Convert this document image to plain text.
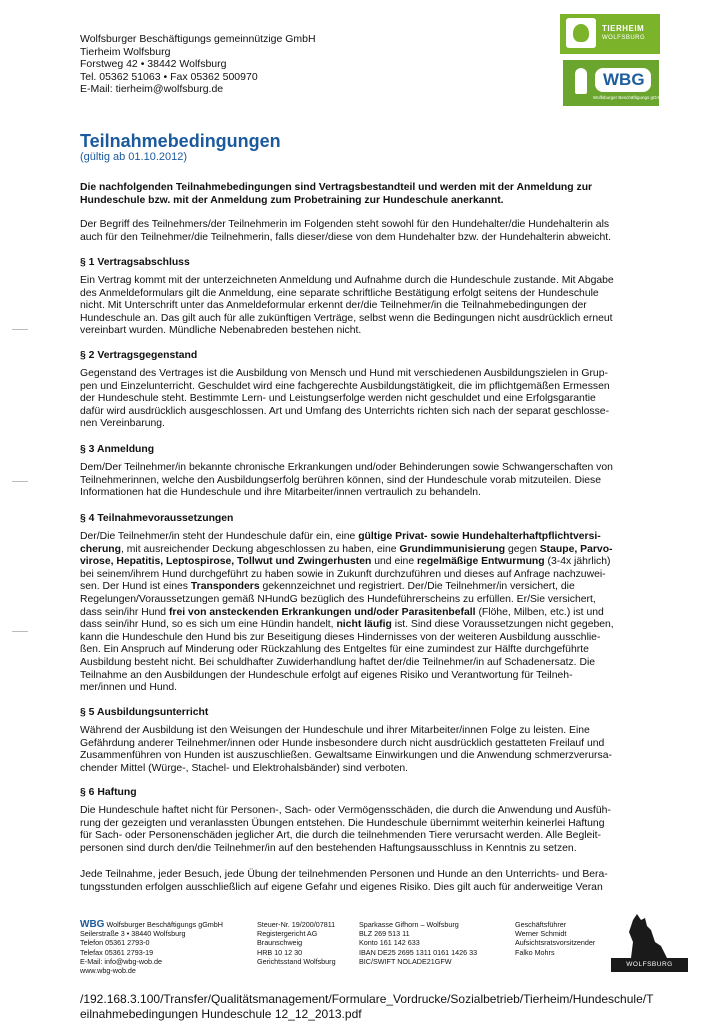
Wolfsburger Beschäftigungs gemeinnützige GmbH
Tierheim Wolfsburg
Forstweg 42 • 38442 Wolfsburg
Tel. 05362 51063 • Fax 05362 500970
E-Mail: tierheim@wolfsburg.de
TIERHEIM
WOLFSBURG
WBG
Wolfsburger Beschäftigungs gGmbH
Teilnahmebedingungen
(gültig ab 01.10.2012)
Die nachfolgenden Teilnahmebedingungen sind Vertragsbestandteil und werden mit der Anmeldung zur
Hundeschule bzw. mit der Anmeldung zum Probetraining zur Hundeschule anerkannt.
Der Begriff des Teilnehmers/der Teilnehmerin im Folgenden steht sowohl für den Hundehalter/die Hundehalterin als
auch für den Teilnehmer/die Teilnehmerin, falls dieser/diese von dem Hundehalter bzw. der Hundehalterin abweicht.
§ 1 Vertragsabschluss
Ein Vertrag kommt mit der unterzeichneten Anmeldung und Aufnahme durch die Hundeschule zustande. Mit Abgabe
des Anmeldeformulars gilt die Anmeldung, eine separate schriftliche Bestätigung erfolgt seitens der Hundeschule
nicht. Mit Unterschrift unter das Anmeldeformular erkennt der/die Teilnehmer/in die Teilnahmebedingungen der
Hundeschule an. Das gilt auch für alle zukünftigen Verträge, selbst wenn die Bedingungen nicht ausdrücklich erneut
vereinbart wurden. Mündliche Nebenabreden bestehen nicht.
§ 2 Vertragsgegenstand
Gegenstand des Vertrages ist die Ausbildung von Mensch und Hund mit verschiedenen Ausbildungszielen in Grup-
pen und Einzelunterricht. Geschuldet wird eine fachgerechte Ausbildungstätigkeit, die im pflichtgemäßen Ermessen
der Hundeschule steht. Bestimmte Lern- und Leistungserfolge werden nicht geschuldet und eine Erfolgsgarantie
dafür wird ausdrücklich ausgeschlossen. Art und Umfang des Unterrichts richten sich nach der separat geschlosse-
nen Vereinbarung.
§ 3 Anmeldung
Dem/Der Teilnehmer/in bekannte chronische Erkrankungen und/oder Behinderungen sowie Schwangerschaften von
Teilnehmerinnen, welche den Ausbildungserfolg berühren können, sind der Hundeschule vorab mitzuteilen. Diese
Informationen hat die Hundeschule und ihre Mitarbeiter/innen vertraulich zu behandeln.
§ 4 Teilnahmevoraussetzungen
Der/Die Teilnehmer/in steht der Hundeschule dafür ein, eine gültige Privat- sowie Hundehalterhaftpflichtversi-
cherung, mit ausreichender Deckung abgeschlossen zu haben, eine Grundimmunisierung gegen Staupe, Parvo-
virose, Hepatitis, Leptospirose, Tollwut und Zwingerhusten und eine regelmäßige Entwurmung (3-4x jährlich)
bei seinem/ihrem Hund durchgeführt zu haben sowie in Zukunft durchzuführen und dieses auf Anfrage nachzuwei-
sen. Der Hund ist eines Transponders gekennzeichnet und registriert. Der/Die Teilnehmer/in versichert, die
Regelungen/Voraussetzungen gemäß NHundG bezüglich des Hundeführerscheins zu erfüllen. Er/Sie versichert,
dass sein/ihr Hund frei von ansteckenden Erkrankungen und/oder Parasitenbefall (Flöhe, Milben, etc.) ist und
dass sein/ihr Hund, so es sich um eine Hündin handelt, nicht läufig ist. Sind diese Voraussetzungen nicht gegeben,
kann die Hundeschule den Hund bis zur Beseitigung dieses Hindernisses von der weiteren Ausbildung ausschlie-
ßen. Ein Anspruch auf Minderung oder Rückzahlung des Entgeltes für eine zumindest zur Hälfte durchgeführte
Ausbildung besteht nicht. Bei schuldhafter Zuwiderhandlung haftet der/die Teilnehmer/in auf Schadenersatz. Die
Teilnahme an den Ausbildungen der Hundeschule erfolgt auf eigenes Risiko und Verantwortung für Teilneh-
mer/innen und Hund.
§ 5 Ausbildungsunterricht
Während der Ausbildung ist den Weisungen der Hundeschule und ihrer Mitarbeiter/innen Folge zu leisten. Eine
Gefährdung anderer Teilnehmer/innen oder Hunde insbesondere durch nicht ausdrücklich gestatteten Freilauf und
Zusammenführen von Hunden ist auszuschließen. Gewaltsame Einwirkungen und die Anwendung schmerzverursa-
chender Mittel (Würge-, Stachel- und Elektrohalsbänder) sind verboten.
§ 6 Haftung
Die Hundeschule haftet nicht für Personen-, Sach- oder Vermögensschäden, die durch die Anwendung und Ausfüh-
rung der gezeigten und veranlassten Übungen entstehen. Die Hundeschule übernimmt weiterhin keinerlei Haftung
für Sach- oder Personenschäden jeglicher Art, die durch die teilnehmenden Tiere verursacht werden. Alle Begleit-
personen sind durch den/die Teilnehmer/in auf den bestehenden Haftungsausschluss in Kenntnis zu setzen.
Jede Teilnahme, jeder Besuch, jede Übung der teilnehmenden Personen und Hunde an den Unterrichts- und Bera-
tungsstunden erfolgen ausschließlich auf eigene Gefahr und eigenes Risiko. Dies gilt auch für anderweitige Veran
WBG Wolfsburger Beschäftigungs gGmbH
Seilerstraße 3 • 38440 Wolfsburg
Telefon 05361 2793-0
Telefax 05361 2793-19
E-Mail: info@wbg-wob.de
www.wbg-wob.de
Steuer-Nr. 19/200/07811
Registergericht AG
Braunschweig
HRB 10 12 30
Gerichtsstand Wolfsburg
Sparkasse Gifhorn – Wolfsburg
BLZ 269 513 11
Konto 161 142 633
IBAN DE25 2695 1311 0161 1426 33
BIC/SWIFT NOLADE21GFW
Geschäftsführer
Werner Schmidt
Aufsichtsratsvorsitzender
Falko Mohrs
WOLFSBURG
/192.168.3.100/Transfer/Qualitätsmanagement/Formulare_Vordrucke/Sozialbetrieb/Tierheim/Hundeschule/T
eilnahmebedingungen Hundeschule 12_12_2013.pdf
